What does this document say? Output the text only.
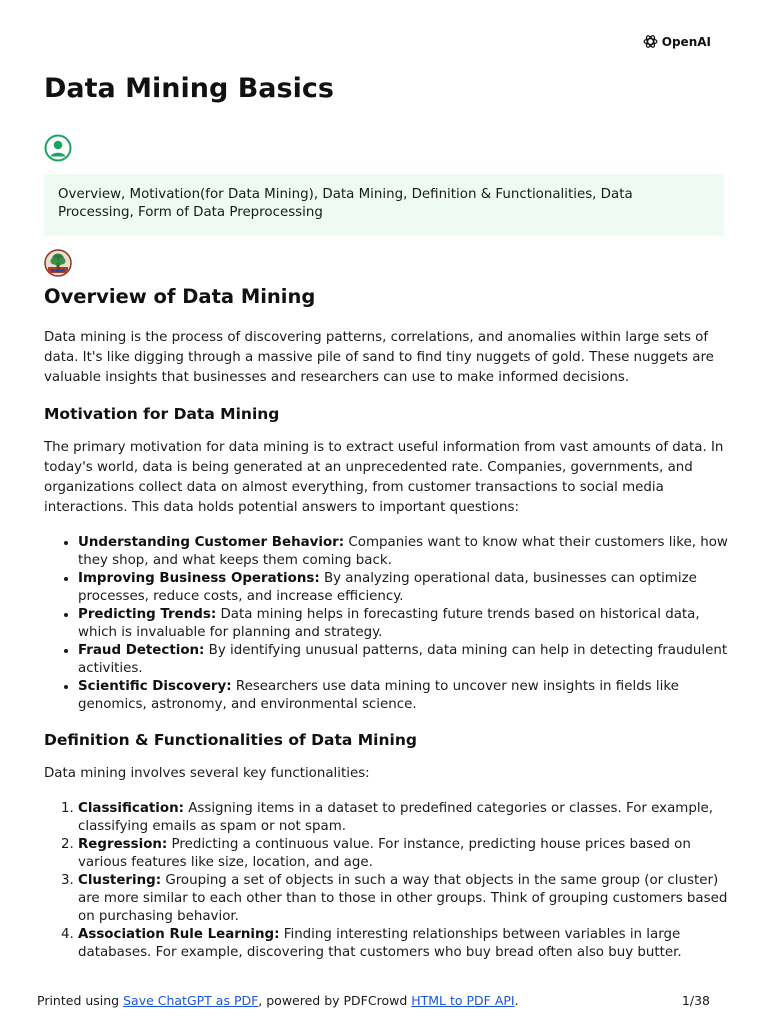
OpenAI
Data Mining Basics
Overview, Motivation(for Data Mining), Data Mining, Definition & Functionalities, Data Processing, Form of Data Preprocessing
Overview of Data Mining

Data mining is the process of discovering patterns, correlations, and anomalies within large sets of data. It's like digging through a massive pile of sand to find tiny nuggets of gold. These nuggets are valuable insights that businesses and researchers can use to make informed decisions.

Motivation for Data Mining

The primary motivation for data mining is to extract useful information from vast amounts of data. In today's world, data is being generated at an unprecedented rate. Companies, governments, and organizations collect data on almost everything, from customer transactions to social media interactions. This data holds potential answers to important questions:

• Understanding Customer Behavior: Companies want to know what their customers like, how they shop, and what keeps them coming back.
• Improving Business Operations: By analyzing operational data, businesses can optimize processes, reduce costs, and increase efficiency.
• Predicting Trends: Data mining helps in forecasting future trends based on historical data, which is invaluable for planning and strategy.
• Fraud Detection: By identifying unusual patterns, data mining can help in detecting fraudulent activities.
• Scientific Discovery: Researchers use data mining to uncover new insights in fields like genomics, astronomy, and environmental science.
Definition & Functionalities of Data Mining

Data mining involves several key functionalities:

1. Classification: Assigning items in a dataset to predefined categories or classes. For example, classifying emails as spam or not spam.
2. Regression: Predicting a continuous value. For instance, predicting house prices based on various features like size, location, and age.
3. Clustering: Grouping a set of objects in such a way that objects in the same group (or cluster) are more similar to each other than to those in other groups. Think of grouping customers based on purchasing behavior.
4. Association Rule Learning: Finding interesting relationships between variables in large databases. For example, discovering that customers who buy bread often also buy butter.
Printed using Save ChatGPT as PDF, powered by PDFCrowd HTML to PDF API.	1/38
